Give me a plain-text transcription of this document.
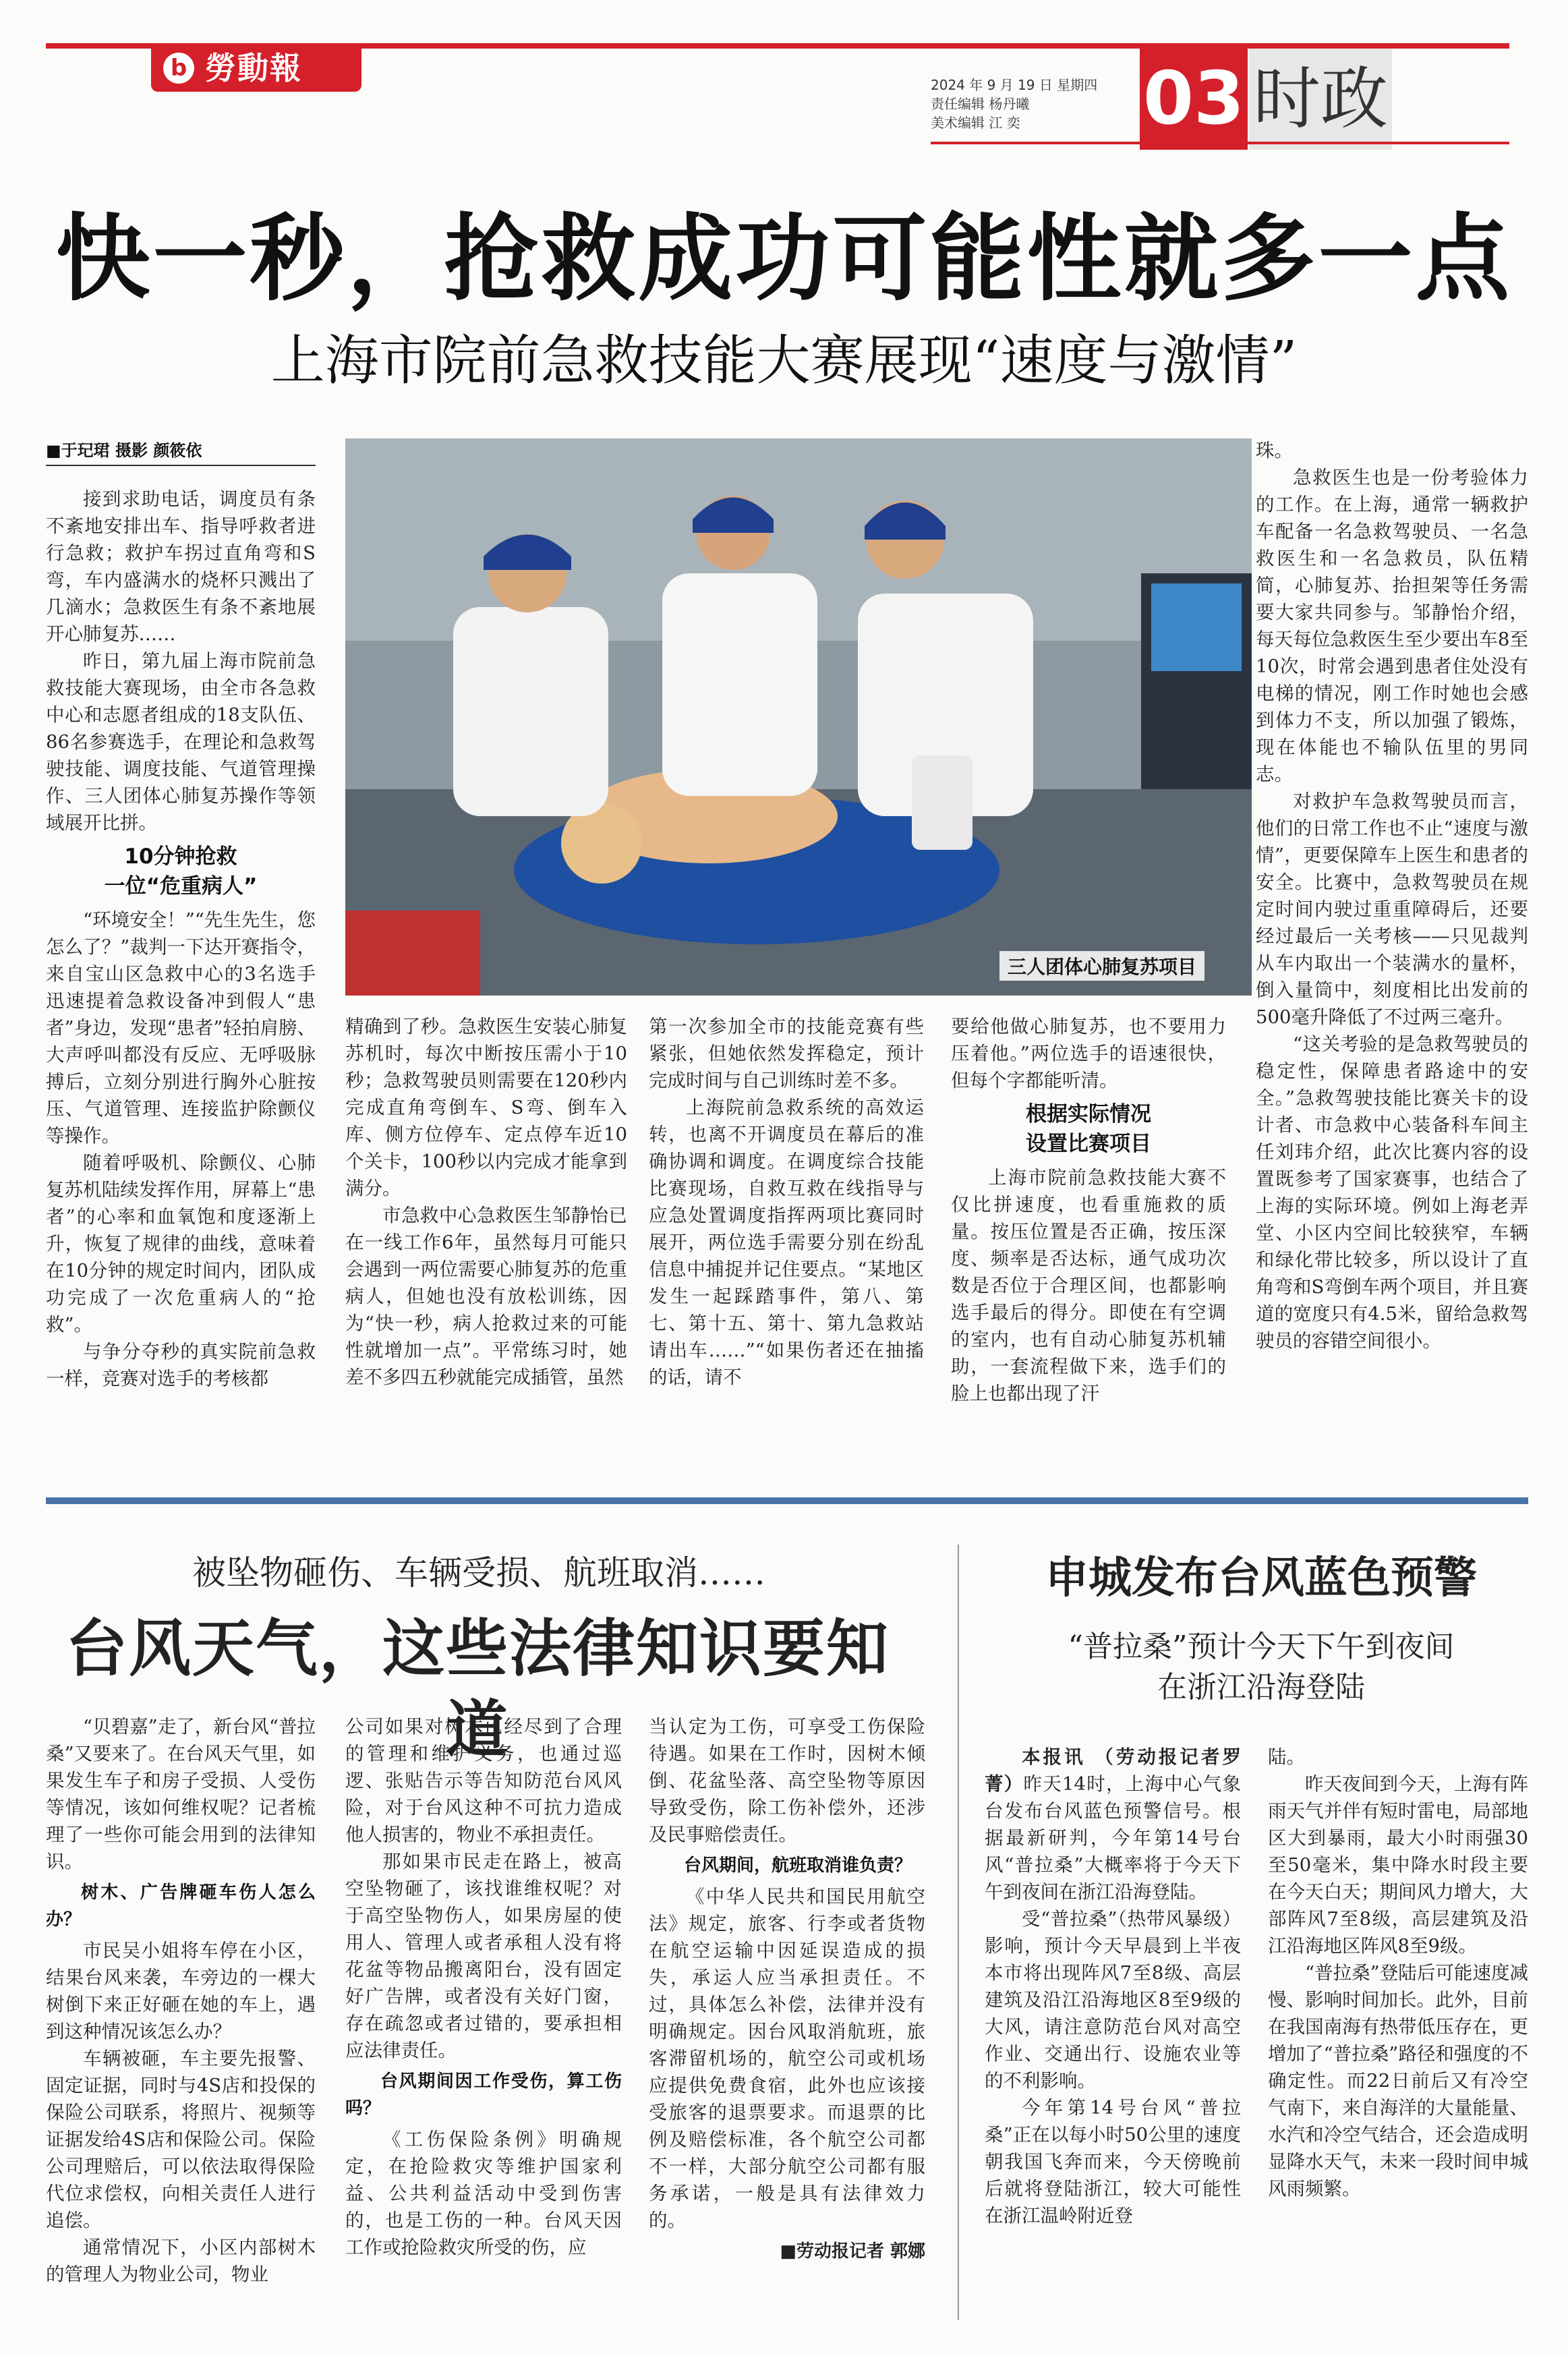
b 勞動報	2024 年 9 月 19 日 星期四
责任编辑 杨丹曦
美术编辑 江 奕	03 时政
快一秒，抢救成功可能性就多一点
上海市院前急救技能大赛展现“速度与激情”
■于玘珺 摄影 颜筱依

接到求助电话，调度员有条不紊地安排出车、指导呼救者进行急救；救护车拐过直角弯和S弯，车内盛满水的烧杯只溅出了几滴水；急救医生有条不紊地展开心肺复苏……

昨日，第九届上海市院前急救技能大赛现场，由全市各急救中心和志愿者组成的18支队伍、86名参赛选手，在理论和急救驾驶技能、调度技能、气道管理操作、三人团体心肺复苏操作等领域展开比拼。

10分钟抢救
一位“危重病人”

“环境安全！”“先生先生，您怎么了？”裁判一下达开赛指令，来自宝山区急救中心的3名选手迅速提着急救设备冲到假人“患者”身边，发现“患者”轻拍肩膀、大声呼叫都没有反应、无呼吸脉搏后，立刻分别进行胸外心脏按压、气道管理、连接监护除颤仪等操作。

随着呼吸机、除颤仪、心肺复苏机陆续发挥作用，屏幕上“患者”的心率和血氧饱和度逐渐上升，恢复了规律的曲线，意味着在10分钟的规定时间内，团队成功完成了一次危重病人的“抢救”。

与争分夺秒的真实院前急救一样，竞赛对选手的考核都

三人团体心肺复苏项目

精确到了秒。急救医生安装心肺复苏机时，每次中断按压需小于10秒；急救驾驶员则需要在120秒内完成直角弯倒车、S弯、倒车入库、侧方位停车、定点停车近10个关卡，100秒以内完成才能拿到满分。

市急救中心急救医生邹静怡已在一线工作6年，虽然每月可能只会遇到一两位需要心肺复苏的危重病人，但她也没有放松训练，因为“快一秒，病人抢救过来的可能性就增加一点”。平常练习时，她差不多四五秒就能完成插管，虽然

第一次参加全市的技能竞赛有些紧张，但她依然发挥稳定，预计完成时间与自己训练时差不多。

上海院前急救系统的高效运转，也离不开调度员在幕后的准确协调和调度。在调度综合技能比赛现场，自救互救在线指导与应急处置调度指挥两项比赛同时展开，两位选手需要分别在纷乱信息中捕捉并记住要点。“某地区发生一起踩踏事件，第八、第七、第十五、第十、第九急救站请出车……”“如果伤者还在抽搐的话，请不

要给他做心肺复苏，也不要用力压着他。”两位选手的语速很快，但每个字都能听清。

根据实际情况
设置比赛项目

上海市院前急救技能大赛不仅比拼速度，也看重施救的质量。按压位置是否正确，按压深度、频率是否达标，通气成功次数是否位于合理区间，也都影响选手最后的得分。即使在有空调的室内，也有自动心肺复苏机辅助，一套流程做下来，选手们的脸上也都出现了汗

珠。

急救医生也是一份考验体力的工作。在上海，通常一辆救护车配备一名急救驾驶员、一名急救医生和一名急救员，队伍精简，心肺复苏、抬担架等任务需要大家共同参与。邹静怡介绍，每天每位急救医生至少要出车8至10次，时常会遇到患者住处没有电梯的情况，刚工作时她也会感到体力不支，所以加强了锻炼，现在体能也不输队伍里的男同志。

对救护车急救驾驶员而言，他们的日常工作也不止“速度与激情”，更要保障车上医生和患者的安全。比赛中，急救驾驶员在规定时间内驶过重重障碍后，还要经过最后一关考核——只见裁判从车内取出一个装满水的量杯，倒入量筒中，刻度相比出发前的500毫升降低了不过两三毫升。

“这关考验的是急救驾驶员的稳定性，保障患者路途中的安全。”急救驾驶技能比赛关卡的设计者、市急救中心装备科车间主任刘玮介绍，此次比赛内容的设置既参考了国家赛事，也结合了上海的实际环境。例如上海老弄堂、小区内空间比较狭窄，车辆和绿化带比较多，所以设计了直角弯和S弯倒车两个项目，并且赛道的宽度只有4.5米，留给急救驾驶员的容错空间很小。

被坠物砸伤、车辆受损、航班取消……
台风天气，这些法律知识要知道

“贝碧嘉”走了，新台风“普拉桑”又要来了。在台风天气里，如果发生车子和房子受损、人受伤等情况，该如何维权呢？记者梳理了一些你可能会用到的法律知识。

树木、广告牌砸车伤人怎么办？

市民吴小姐将车停在小区，结果台风来袭，车旁边的一棵大树倒下来正好砸在她的车上，遇到这种情况该怎么办？

车辆被砸，车主要先报警、固定证据，同时与4S店和投保的保险公司联系，将照片、视频等证据发给4S店和保险公司。保险公司理赔后，可以依法取得保险代位求偿权，向相关责任人进行追偿。

通常情况下，小区内部树木的管理人为物业公司，物业

公司如果对树木已经尽到了合理的管理和维护义务，也通过巡逻、张贴告示等告知防范台风风险，对于台风这种不可抗力造成他人损害的，物业不承担责任。

那如果市民走在路上，被高空坠物砸了，该找谁维权呢？对于高空坠物伤人，如果房屋的使用人、管理人或者承租人没有将花盆等物品搬离阳台，没有固定好广告牌，或者没有关好门窗，存在疏忽或者过错的，要承担相应法律责任。

台风期间因工作受伤，算工伤吗？

《工伤保险条例》明确规定，在抢险救灾等维护国家利益、公共利益活动中受到伤害的，也是工伤的一种。台风天因工作或抢险救灾所受的伤，应

当认定为工伤，可享受工伤保险待遇。如果在工作时，因树木倾倒、花盆坠落、高空坠物等原因导致受伤，除工伤补偿外，还涉及民事赔偿责任。

台风期间，航班取消谁负责？

《中华人民共和国民用航空法》规定，旅客、行李或者货物在航空运输中因延误造成的损失，承运人应当承担责任。不过，具体怎么补偿，法律并没有明确规定。因台风取消航班，旅客滞留机场的，航空公司或机场应提供免费食宿，此外也应该接受旅客的退票要求。而退票的比例及赔偿标准，各个航空公司都不一样，大部分航空公司都有服务承诺，一般是具有法律效力的。

■劳动报记者 郭娜
申城发布台风蓝色预警
“普拉桑”预计今天下午到夜间
在浙江沿海登陆

本报讯 （劳动报记者罗菁）昨天14时，上海中心气象台发布台风蓝色预警信号。根据最新研判，今年第14号台风“普拉桑”大概率将于今天下午到夜间在浙江沿海登陆。

受“普拉桑”（热带风暴级）影响，预计今天早晨到上半夜本市将出现阵风7至8级、高层建筑及沿江沿海地区8至9级的大风，请注意防范台风对高空作业、交通出行、设施农业等的不利影响。

今年第14号台风“普拉桑”正在以每小时50公里的速度朝我国飞奔而来，今天傍晚前后就将登陆浙江，较大可能性在浙江温岭附近登

陆。

昨天夜间到今天，上海有阵雨天气并伴有短时雷电，局部地区大到暴雨，最大小时雨强30至50毫米，集中降水时段主要在今天白天；期间风力增大，大部阵风7至8级，高层建筑及沿江沿海地区阵风8至9级。

“普拉桑”登陆后可能速度减慢、影响时间加长。此外，目前在我国南海有热带低压存在，更增加了“普拉桑”路径和强度的不确定性。而22日前后又有冷空气南下，来自海洋的大量能量、水汽和冷空气结合，还会造成明显降水天气，未来一段时间申城风雨频繁。
